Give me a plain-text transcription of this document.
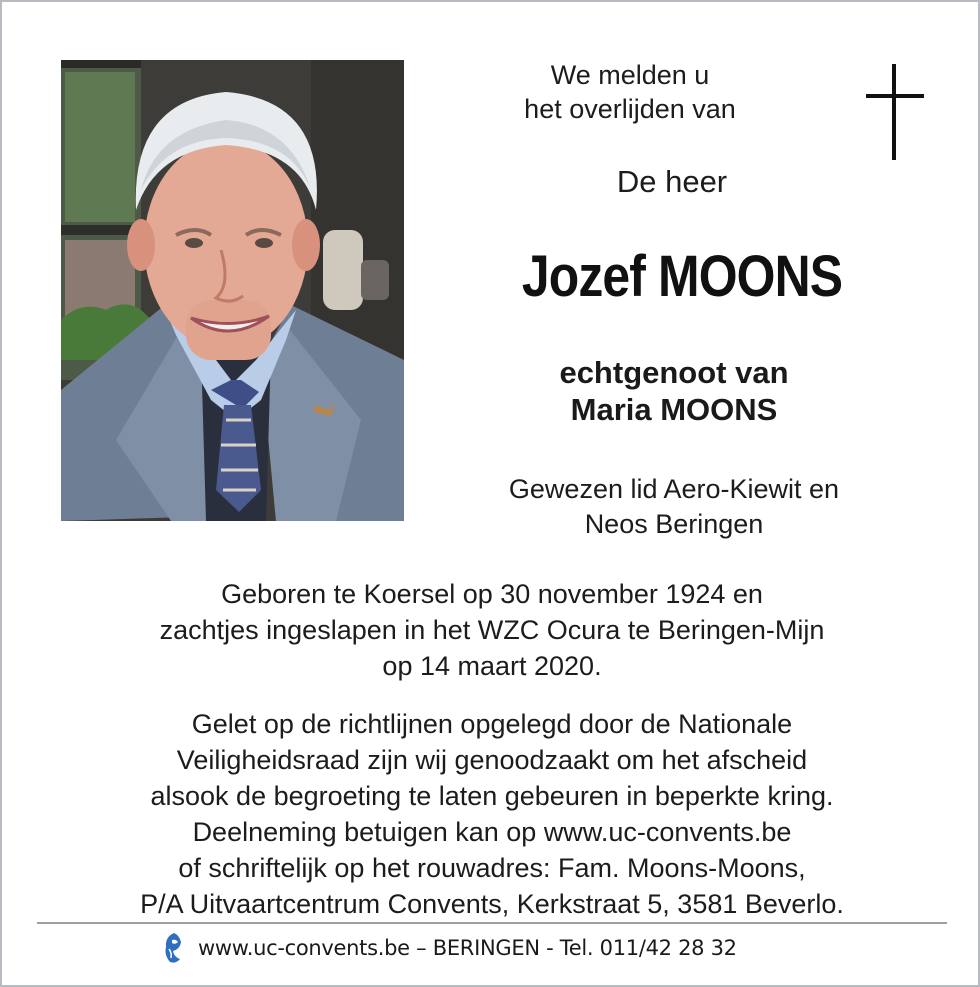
We melden u
het overlijden van
De heer
Jozef MOONS
echtgenoot van
Maria MOONS
Gewezen lid Aero-Kiewit en
Neos Beringen
Geboren te Koersel op 30 november 1924 en
zachtjes ingeslapen in het WZC Ocura te Beringen-Mijn
op 14 maart 2020.
Gelet op de richtlijnen opgelegd door de Nationale
Veiligheidsraad zijn wij genoodzaakt om het afscheid
alsook de begroeting te laten gebeuren in beperkte kring.
Deelneming betuigen kan op www.uc-convents.be
of schriftelijk op het rouwadres: Fam. Moons-Moons,
P/A Uitvaartcentrum Convents, Kerkstraat 5, 3581 Beverlo.
www.uc-convents.be – BERINGEN - Tel. 011/42 28 32
